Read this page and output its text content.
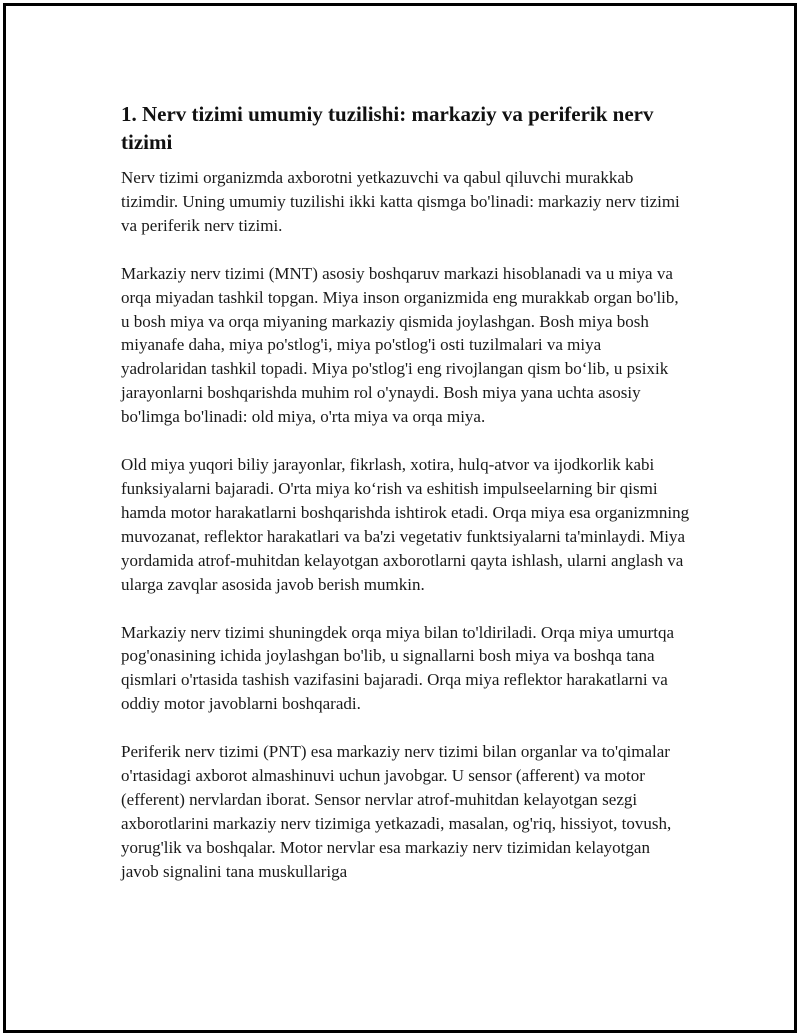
1. Nerv tizimi umumiy tuzilishi: markaziy va periferik nerv tizimi

Nerv tizimi organizmda axborotni yetkazuvchi va qabul qiluvchi murakkab tizimdir. Uning umumiy tuzilishi ikki katta qismga bo'linadi: markaziy nerv tizimi va periferik nerv tizimi.

Markaziy nerv tizimi (MNT) asosiy boshqaruv markazi hisoblanadi va u miya va orqa miyadan tashkil topgan. Miya inson organizmida eng murakkab organ bo'lib, u bosh miya va orqa miyaning markaziy qismida joylashgan. Bosh miya bosh miyanafe daha, miya po'stlog'i, miya po'stlog'i osti tuzilmalari va miya yadrolaridan tashkil topadi. Miya po'stlog'i eng rivojlangan qism bo‘lib, u psixik jarayonlarni boshqarishda muhim rol o'ynaydi. Bosh miya yana uchta asosiy bo'limga bo'linadi: old miya, o'rta miya va orqa miya.

Old miya yuqori biliy jarayonlar, fikrlash, xotira, hulq-atvor va ijodkorlik kabi funksiyalarni bajaradi. O'rta miya ko‘rish va eshitish impulseelarning bir qismi hamda motor harakatlarni boshqarishda ishtirok etadi. Orqa miya esa organizmning muvozanat, reflektor harakatlari va ba'zi vegetativ funktsiyalarni ta'minlaydi. Miya yordamida atrof-muhitdan kelayotgan axborotlarni qayta ishlash, ularni anglash va ularga zavqlar asosida javob berish mumkin.

Markaziy nerv tizimi shuningdek orqa miya bilan to'ldiriladi. Orqa miya umurtqa pog'onasining ichida joylashgan bo'lib, u signallarni bosh miya va boshqa tana qismlari o'rtasida tashish vazifasini bajaradi. Orqa miya reflektor harakatlarni va oddiy motor javoblarni boshqaradi.

Periferik nerv tizimi (PNT) esa markaziy nerv tizimi bilan organlar va to'qimalar o'rtasidagi axborot almashinuvi uchun javobgar. U sensor (afferent) va motor (efferent) nervlardan iborat. Sensor nervlar atrof-muhitdan kelayotgan sezgi axborotlarini markaziy nerv tizimiga yetkazadi, masalan, og'riq, hissiyot, tovush, yorug'lik va boshqalar. Motor nervlar esa markaziy nerv tizimidan kelayotgan javob signalini tana muskullariga
